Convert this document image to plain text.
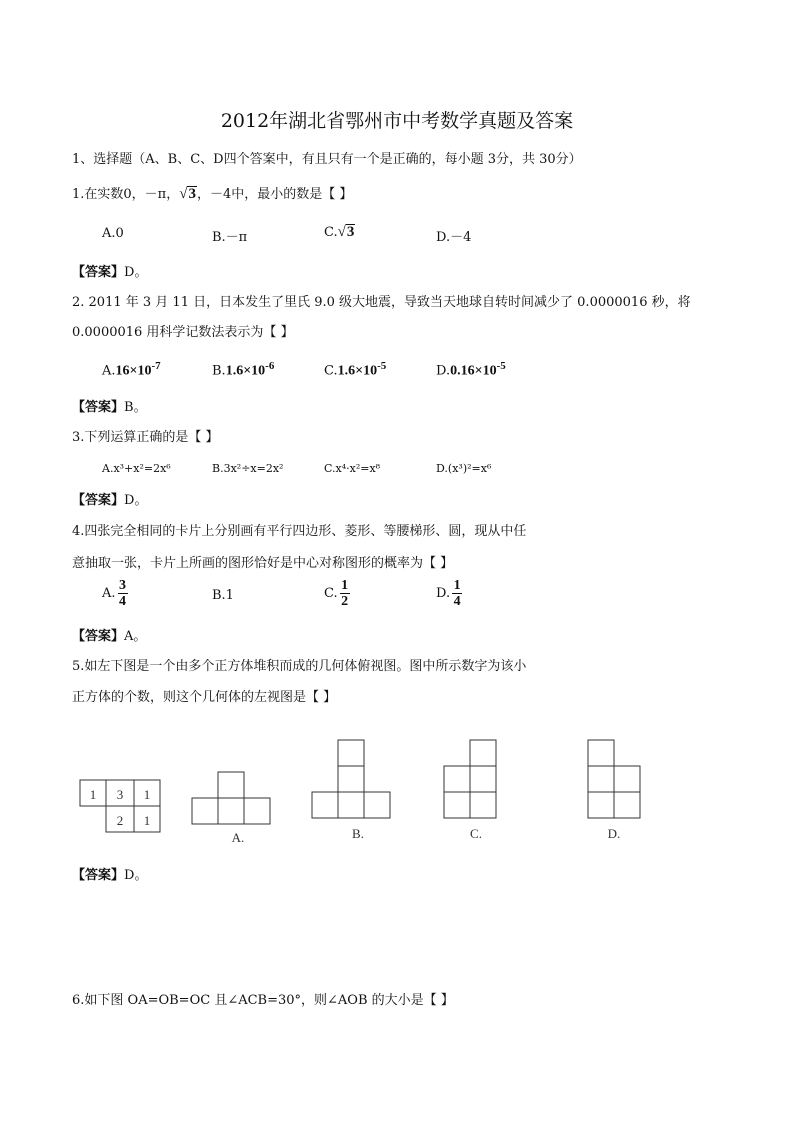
2012年湖北省鄂州市中考数学真题及答案
1、选择题（A、B、C、D四个答案中，有且只有一个是正确的，每小题 3分，共 30分）
1.在实数0，－π， √ 3 ，－4中，最小的数是【 】
A.0	B.－π	C. √ 3	D.－4
【答案】D。
2. 2011 年 3 月 11 日，日本发生了里氏 9.0 级大地震，导致当天地球自转时间减少了 0.0000016 秒，将
0.0000016 用科学记数法表示为【 】
$A.16\times 10^{-7}$	$B.1.6\times 10^{-6}$	$C.1.6\times 10^{-5}$	$D.0.16\times 10^{-5}$
【答案】B。
3.下列运算正确的是【 】
A.x³+x²=2x⁶	B.3x²÷x=2x²	C.x⁴·x²=x⁸	D.(x³)²=x⁶
【答案】D。
4.四张完全相同的卡片上分别画有平行四边形、菱形、等腰梯形、圆，现从中任
意抽取一张，卡片上所画的图形恰好是中心对称图形的概率为【 】
A. $\frac{3}{4}$	B.1	C. $\frac{1}{2}$	D. $\frac{1}{4}$
【答案】A。
5.如左下图是一个由多个正方体堆积而成的几何体俯视图。图中所示数字为该小
正方体的个数，则这个几何体的左视图是【 】
1 3 1
2 1
A.	B.	C.	D.
【答案】D。
6.如下图 OA=OB=OC 且∠ACB=30°，则∠AOB 的大小是【 】
